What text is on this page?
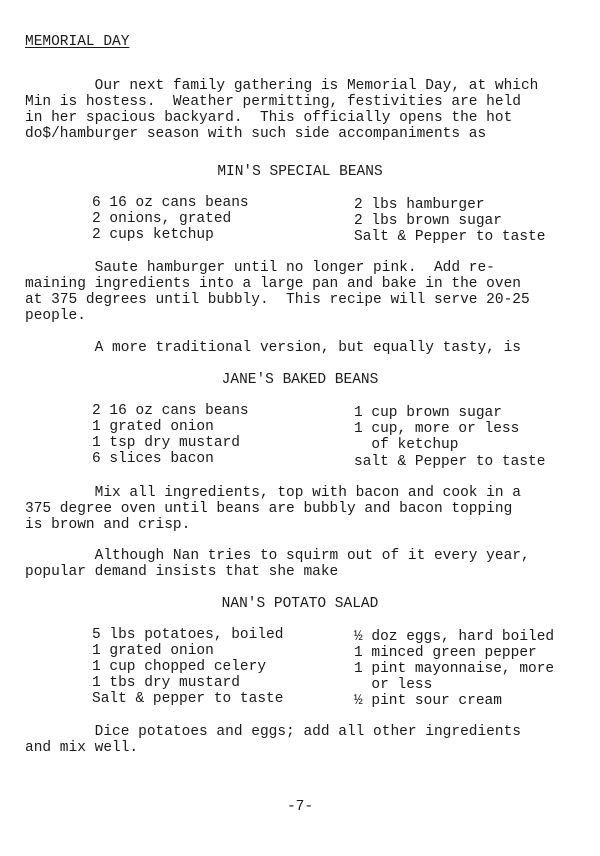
MEMORIAL DAY
Our next family gathering is Memorial Day, at which
Min is hostess.  Weather permitting, festivities are held
in her spacious backyard.  This officially opens the hot
do$/hamburger season with such side accompaniments as
MIN'S SPECIAL BEANS
6 16 oz cans beans
2 onions, grated
2 cups ketchup
2 lbs hamburger
2 lbs brown sugar
Salt & Pepper to taste
Saute hamburger until no longer pink.  Add re-
maining ingredients into a large pan and bake in the oven
at 375 degrees until bubbly.  This recipe will serve 20-25
people.
A more traditional version, but equally tasty, is
JANE'S BAKED BEANS
2 16 oz cans beans
1 grated onion
1 tsp dry mustard
6 slices bacon
1 cup brown sugar
1 cup, more or less
of ketchup
salt & Pepper to taste
Mix all ingredients, top with bacon and cook in a
375 degree oven until beans are bubbly and bacon topping
is brown and crisp.
Although Nan tries to squirm out of it every year,
popular demand insists that she make
NAN'S POTATO SALAD
5 lbs potatoes, boiled
1 grated onion
1 cup chopped celery
1 tbs dry mustard
Salt & pepper to taste
½ doz eggs, hard boiled
1 minced green pepper
1 pint mayonnaise, more
or less
½ pint sour cream
Dice potatoes and eggs; add all other ingredients
and mix well.
-7-
